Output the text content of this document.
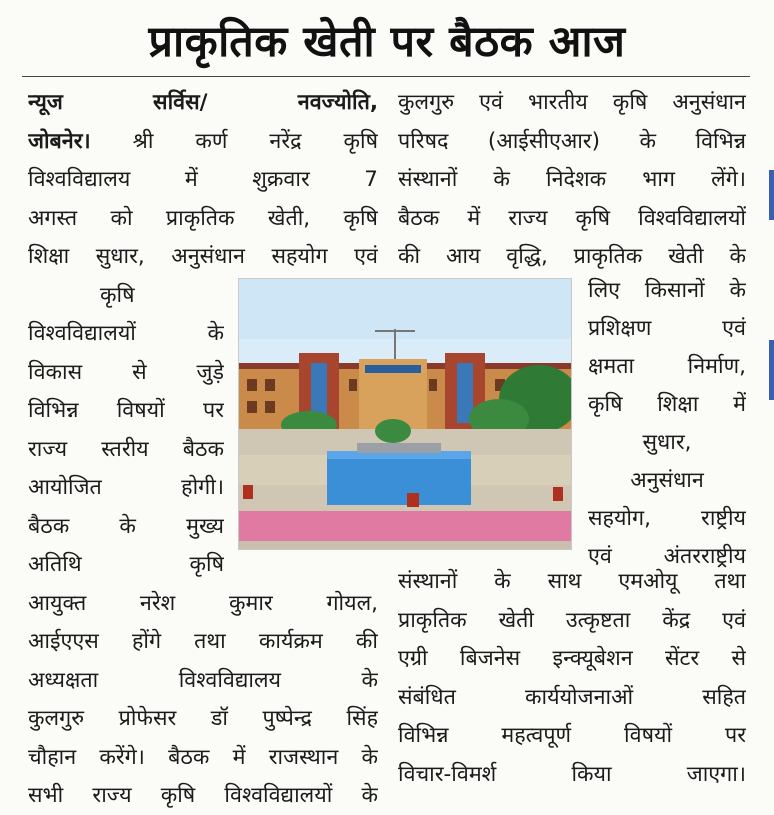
प्राकृतिक खेती पर बैठक आज
न्यूज सर्विस/ नवज्योति,
जोबनेर। श्री कर्ण नरेंद्र कृषि
विश्वविद्यालय में शुक्रवार 7
अगस्त को प्राकृतिक खेती, कृषि
शिक्षा सुधार, अनुसंधान सहयोग एवं
कृषि
विश्वविद्यालयों के
विकास से जुड़े
विभिन्न विषयों पर
राज्य स्तरीय बैठक
आयोजित होगी।
बैठक के मुख्य
अतिथि कृषि
आयुक्त नरेश कुमार गोयल,
आईएएस होंगे तथा कार्यक्रम की
अध्यक्षता विश्वविद्यालय के
कुलगुरु प्रोफेसर डॉ पुष्पेन्द्र सिंह
चौहान करेंगे। बैठक में राजस्थान के
सभी राज्य कृषि विश्वविद्यालयों के
कुलगुरु एवं भारतीय कृषि अनुसंधान
परिषद (आईसीएआर) के विभिन्न
संस्थानों के निदेशक भाग लेंगे।
बैठक में राज्य कृषि विश्वविद्यालयों
की आय वृद्धि, प्राकृतिक खेती के
लिए किसानों के
प्रशिक्षण एवं
क्षमता निर्माण,
कृषि शिक्षा में
सुधार,
अनुसंधान
सहयोग, राष्ट्रीय
एवं अंतरराष्ट्रीय
संस्थानों के साथ एमओयू तथा
प्राकृतिक खेती उत्कृष्टता केंद्र एवं
एग्री बिजनेस इन्क्यूबेशन सेंटर से
संबंधित कार्ययोजनाओं सहित
विभिन्न महत्वपूर्ण विषयों पर
विचार-विमर्श किया जाएगा।
